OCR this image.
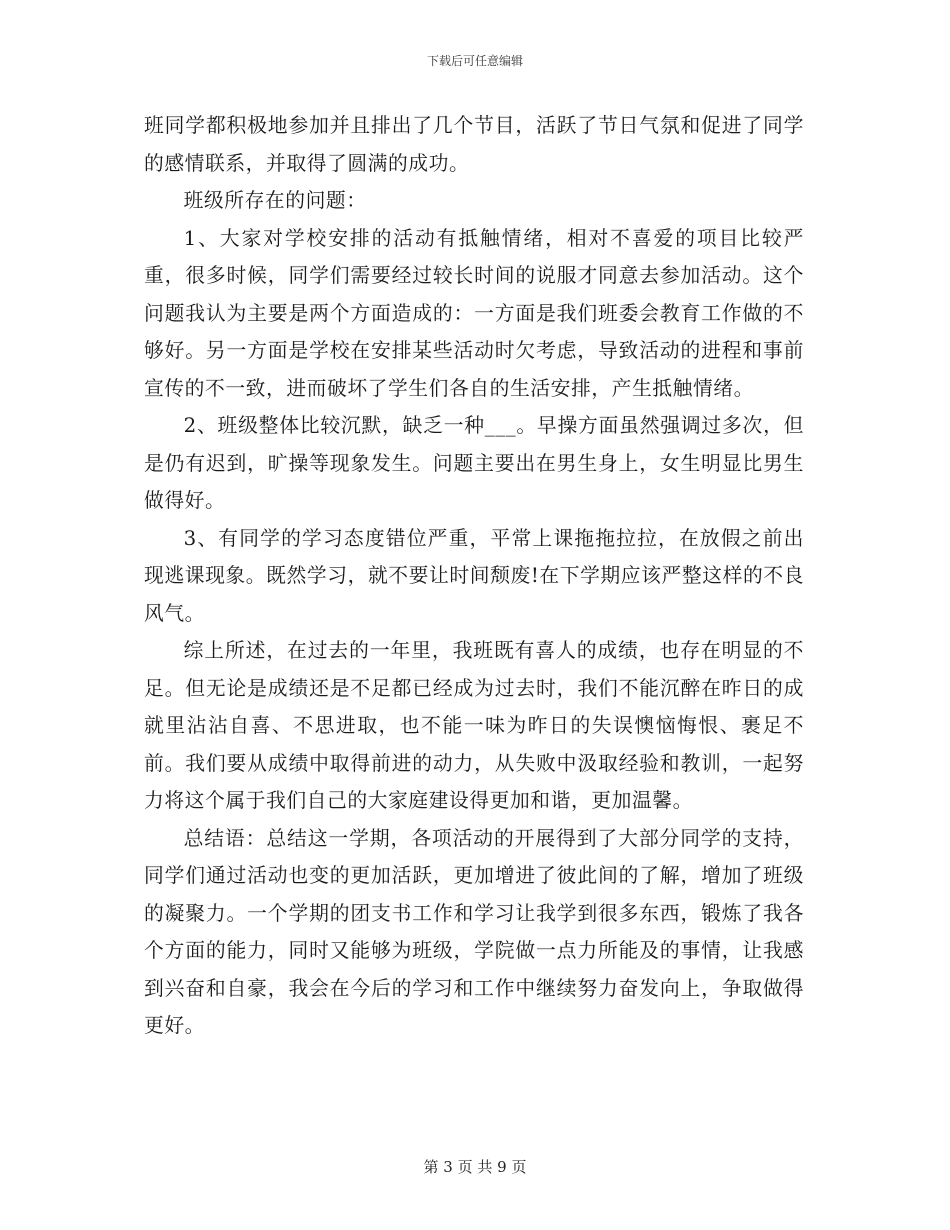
下载后可任意编辑

班同学都积极地参加并且排出了几个节目，活跃了节日气氛和促进了同学的感情联系，并取得了圆满的成功。

班级所存在的问题：

1、大家对学校安排的活动有抵触情绪，相对不喜爱的项目比较严重，很多时候，同学们需要经过较长时间的说服才同意去参加活动。这个问题我认为主要是两个方面造成的：一方面是我们班委会教育工作做的不够好。另一方面是学校在安排某些活动时欠考虑，导致活动的进程和事前宣传的不一致，进而破坏了学生们各自的生活安排，产生抵触情绪。

2、班级整体比较沉默，缺乏一种___。早操方面虽然强调过多次，但是仍有迟到，旷操等现象发生。问题主要出在男生身上，女生明显比男生做得好。

3、有同学的学习态度错位严重，平常上课拖拖拉拉，在放假之前出现逃课现象。既然学习，就不要让时间颓废!在下学期应该严整这样的不良风气。

综上所述，在过去的一年里，我班既有喜人的成绩，也存在明显的不足。但无论是成绩还是不足都已经成为过去时，我们不能沉醉在昨日的成就里沾沾自喜、不思进取，也不能一味为昨日的失误懊恼悔恨、裹足不前。我们要从成绩中取得前进的动力，从失败中汲取经验和教训，一起努力将这个属于我们自己的大家庭建设得更加和谐，更加温馨。

总结语：总结这一学期，各项活动的开展得到了大部分同学的支持，同学们通过活动也变的更加活跃，更加增进了彼此间的了解，增加了班级的凝聚力。一个学期的团支书工作和学习让我学到很多东西，锻炼了我各个方面的能力，同时又能够为班级，学院做一点力所能及的事情，让我感到兴奋和自豪，我会在今后的学习和工作中继续努力奋发向上，争取做得更好。

第 3 页 共 9 页
